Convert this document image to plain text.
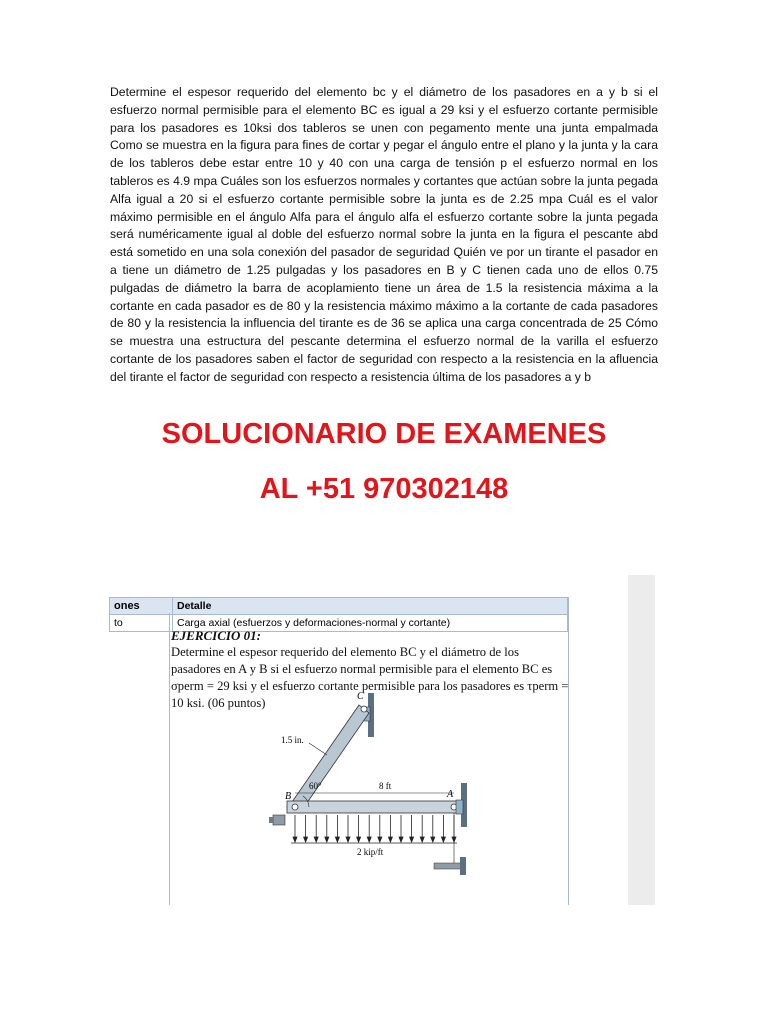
Determine el espesor requerido del elemento bc y el diámetro de los pasadores en a y b si el esfuerzo normal permisible para el elemento BC es igual a 29 ksi y el esfuerzo cortante permisible para los pasadores es 10ksi dos tableros se unen con pegamento mente una junta empalmada Como se muestra en la figura para fines de cortar y pegar el ángulo entre el plano y la junta y la cara de los tableros debe estar entre 10 y 40 con una carga de tensión p el esfuerzo normal en los tableros es 4.9 mpa Cuáles son los esfuerzos normales y cortantes que actúan sobre la junta pegada Alfa igual a 20 si el esfuerzo cortante permisible sobre la junta es de 2.25 mpa Cuál es el valor máximo permisible en el ángulo Alfa para el ángulo alfa el esfuerzo cortante sobre la junta pegada será numéricamente igual al doble del esfuerzo normal sobre la junta en la figura el pescante abd está sometido en una sola conexión del pasador de seguridad Quién ve por un tirante el pasador en a tiene un diámetro de 1.25 pulgadas y los pasadores en B y C tienen cada uno de ellos 0.75 pulgadas de diámetro la barra de acoplamiento tiene un área de 1.5 la resistencia máxima a la cortante en cada pasador es de 80 y la resistencia máximo máximo a la cortante de cada pasadores de 80 y la resistencia la influencia del tirante es de 36 se aplica una carga concentrada de 25 Cómo se muestra una estructura del pescante determina el esfuerzo normal de la varilla el esfuerzo cortante de los pasadores saben el factor de seguridad con respecto a la resistencia en la afluencia del tirante el factor de seguridad con respecto a resistencia última de los pasadores a y b
SOLUCIONARIO DE EXAMENES
AL +51 970302148
ones	Detalle
to	Carga axial (esfuerzos y deformaciones-normal y cortante)
EJERCICIO 01:
Determine el espesor requerido del elemento BC y el diámetro de los pasadores en A y B si el esfuerzo normal permisible para el elemento BC es σperm = 29 ksi y el esfuerzo cortante permisible para los pasadores es τperm = 10 ksi. (06 puntos)	C
B	A
1.5 in.
60°	8 ft
2 kip/ft
